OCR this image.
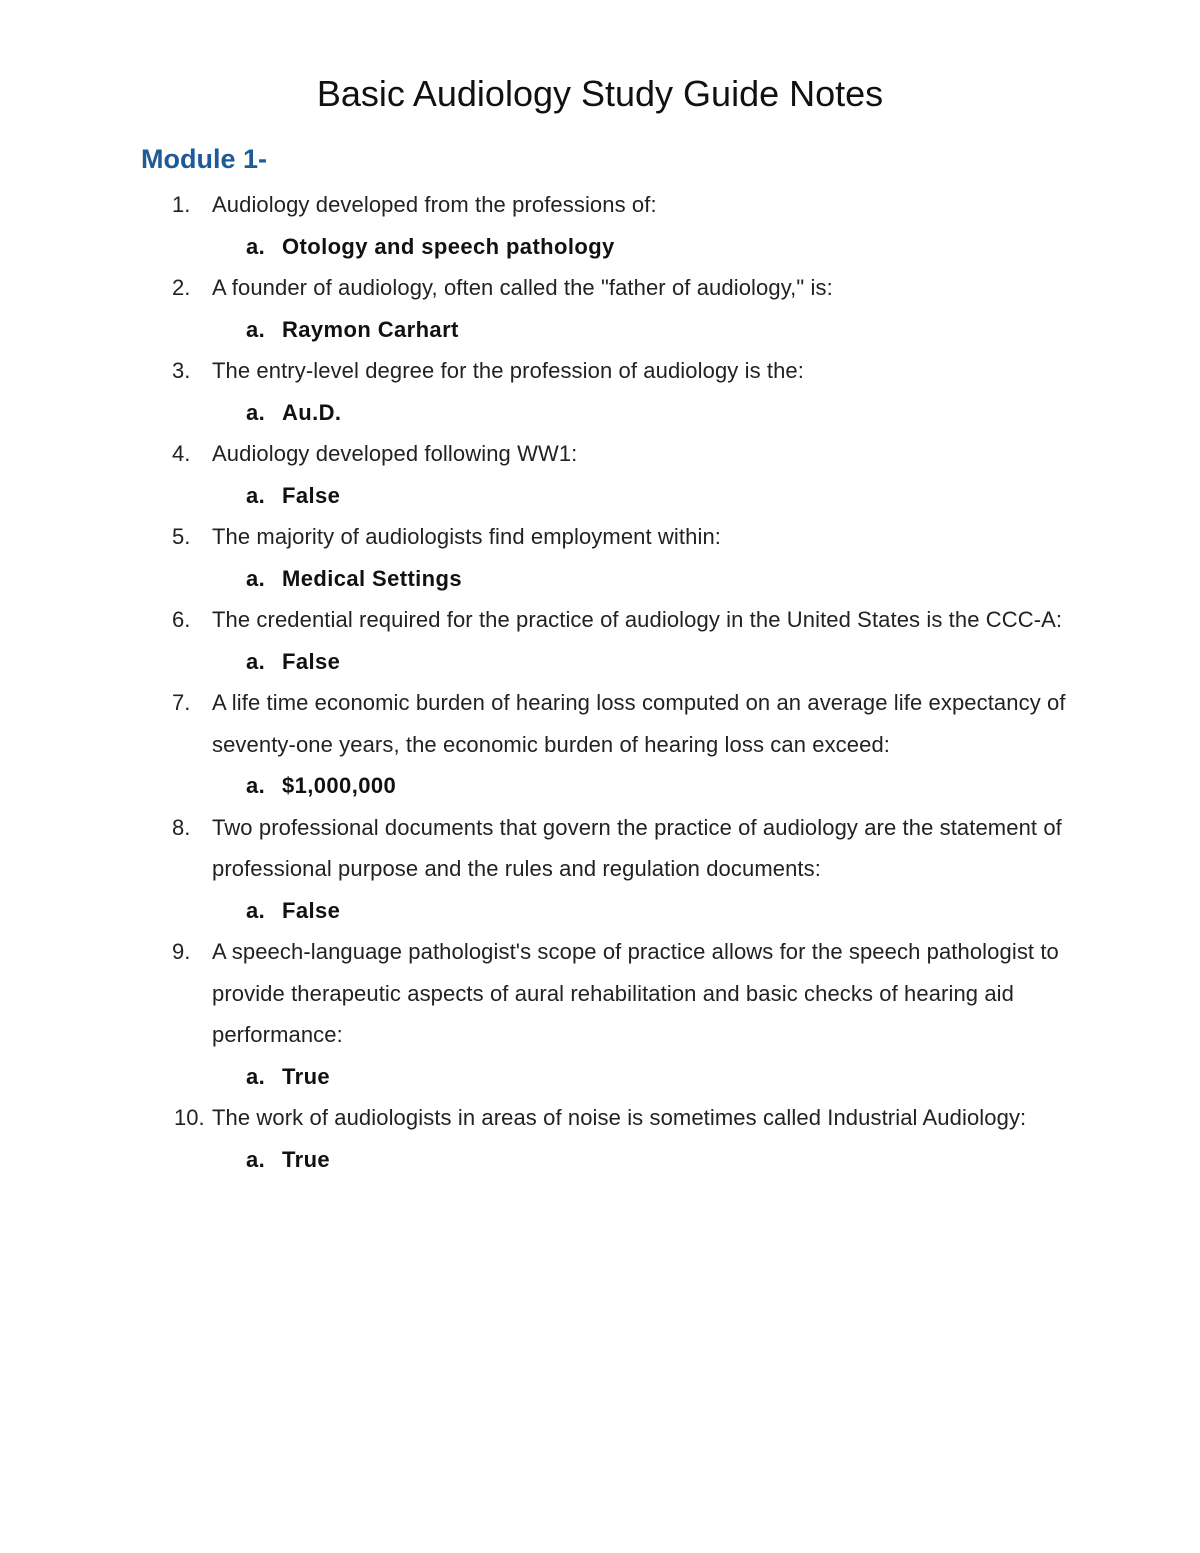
Basic Audiology Study Guide Notes
Module 1-
1. Audiology developed from the professions of:
a. Otology and speech pathology
2. A founder of audiology, often called the "father of audiology," is:
a. Raymon Carhart
3. The entry-level degree for the profession of audiology is the:
a. Au.D.
4. Audiology developed following WW1:
a. False
5. The majority of audiologists find employment within:
a. Medical Settings
6. The credential required for the practice of audiology in the United States is the CCC-A:
a. False
7. A life time economic burden of hearing loss computed on an average life expectancy of seventy-one years, the economic burden of hearing loss can exceed:
a. $1,000,000
8. Two professional documents that govern the practice of audiology are the statement of professional purpose and the rules and regulation documents:
a. False
9. A speech-language pathologist's scope of practice allows for the speech pathologist to provide therapeutic aspects of aural rehabilitation and basic checks of hearing aid performance:
a. True
10. The work of audiologists in areas of noise is sometimes called Industrial Audiology:
a. True
